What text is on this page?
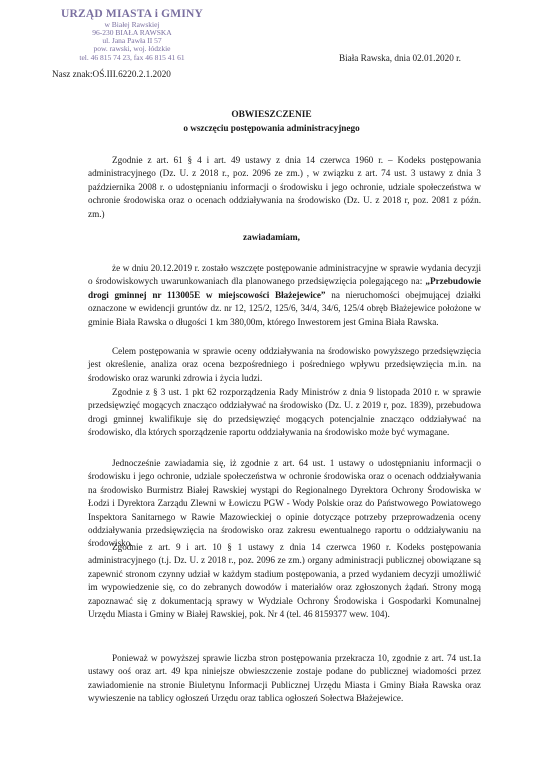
URZĄD MIASTA i GMINY
w Białej Rawskiej
96-230 BIAŁA RAWSKA
ul. Jana Pawła II 57
pow. rawski, woj. łódzkie
tel. 46 815 74 23, fax 46 815 41 61
Nasz znak:OŚ.III.6220.2.1.2020
Biała Rawska, dnia 02.01.2020 r.
OBWIESZCZENIE
o wszczęciu postępowania administracyjnego

Zgodnie z art. 61 § 4 i art. 49 ustawy z dnia 14 czerwca 1960 r. – Kodeks postępowania administracyjnego (Dz. U. z 2018 r., poz. 2096 ze zm.) , w związku z art. 74 ust. 3 ustawy z dnia 3 października 2008 r. o udostępnianiu informacji o środowisku i jego ochronie, udziale społeczeństwa w ochronie środowiska oraz o ocenach oddziaływania na środowisko (Dz. U. z 2018 r, poz. 2081 z późn. zm.)

zawiadamiam,

że w dniu 20.12.2019 r. zostało wszczęte postępowanie administracyjne w sprawie wydania decyzji o środowiskowych uwarunkowaniach dla planowanego przedsięwzięcia polegającego na: „Przebudowie drogi gminnej nr 113005E w miejscowości Błażejewice” na nieruchomości obejmującej działki oznaczone w ewidencji gruntów dz. nr 12, 125/2, 125/6, 34/4, 34/6, 125/4 obręb Błażejewice położone w gminie Biała Rawska o długości 1 km 380,00m, którego Inwestorem jest Gmina Biała Rawska.

Celem postępowania w sprawie oceny oddziaływania na środowisko powyższego przedsięwzięcia jest określenie, analiza oraz ocena bezpośredniego i pośredniego wpływu przedsięwzięcia m.in. na środowisko oraz warunki zdrowia i życia ludzi.

Zgodnie z § 3 ust. 1 pkt 62 rozporządzenia Rady Ministrów z dnia 9 listopada 2010 r. w sprawie przedsięwzięć mogących znacząco oddziaływać na środowisko (Dz. U. z 2019 r, poz. 1839), przebudowa drogi gminnej kwalifikuje się do przedsięwzięć mogących potencjalnie znacząco oddziaływać na środowisko, dla których sporządzenie raportu oddziaływania na środowisko może być wymagane.

Jednocześnie zawiadamia się, iż zgodnie z art. 64 ust. 1 ustawy o udostępnianiu informacji o środowisku i jego ochronie, udziale społeczeństwa w ochronie środowiska oraz o ocenach oddziaływania na środowisko Burmistrz Białej Rawskiej wystąpi do Regionalnego Dyrektora Ochrony Środowiska w Łodzi i Dyrektora Zarządu Zlewni w Łowiczu PGW - Wody Polskie oraz do Państwowego Powiatowego Inspektora Sanitarnego w Rawie Mazowieckiej o opinie dotyczące potrzeby przeprowadzenia oceny oddziaływania przedsięwzięcia na środowisko oraz zakresu ewentualnego raportu o oddziaływaniu na środowisko.

Zgodnie z art. 9 i art. 10 § 1 ustawy z dnia 14 czerwca 1960 r. Kodeks postępowania administracyjnego (t.j. Dz. U. z 2018 r., poz. 2096 ze zm.) organy administracji publicznej obowiązane są zapewnić stronom czynny udział w każdym stadium postępowania, a przed wydaniem decyzji umożliwić im wypowiedzenie się, co do zebranych dowodów i materiałów oraz zgłoszonych żądań. Strony mogą zapoznawać się z dokumentacją sprawy w Wydziale Ochrony Środowiska i Gospodarki Komunalnej Urzędu Miasta i Gminy w Białej Rawskiej, pok. Nr 4 (tel. 46 8159377 wew. 104).

Ponieważ w powyższej sprawie liczba stron postępowania przekracza 10, zgodnie z art. 74 ust.1a ustawy ooś oraz art. 49 kpa niniejsze obwieszczenie zostaje podane do publicznej wiadomości przez zawiadomienie na stronie Biuletynu Informacji Publicznej Urzędu Miasta i Gminy Biała Rawska oraz wywieszenie na tablicy ogłoszeń Urzędu oraz tablica ogłoszeń Sołectwa Błażejewice.
